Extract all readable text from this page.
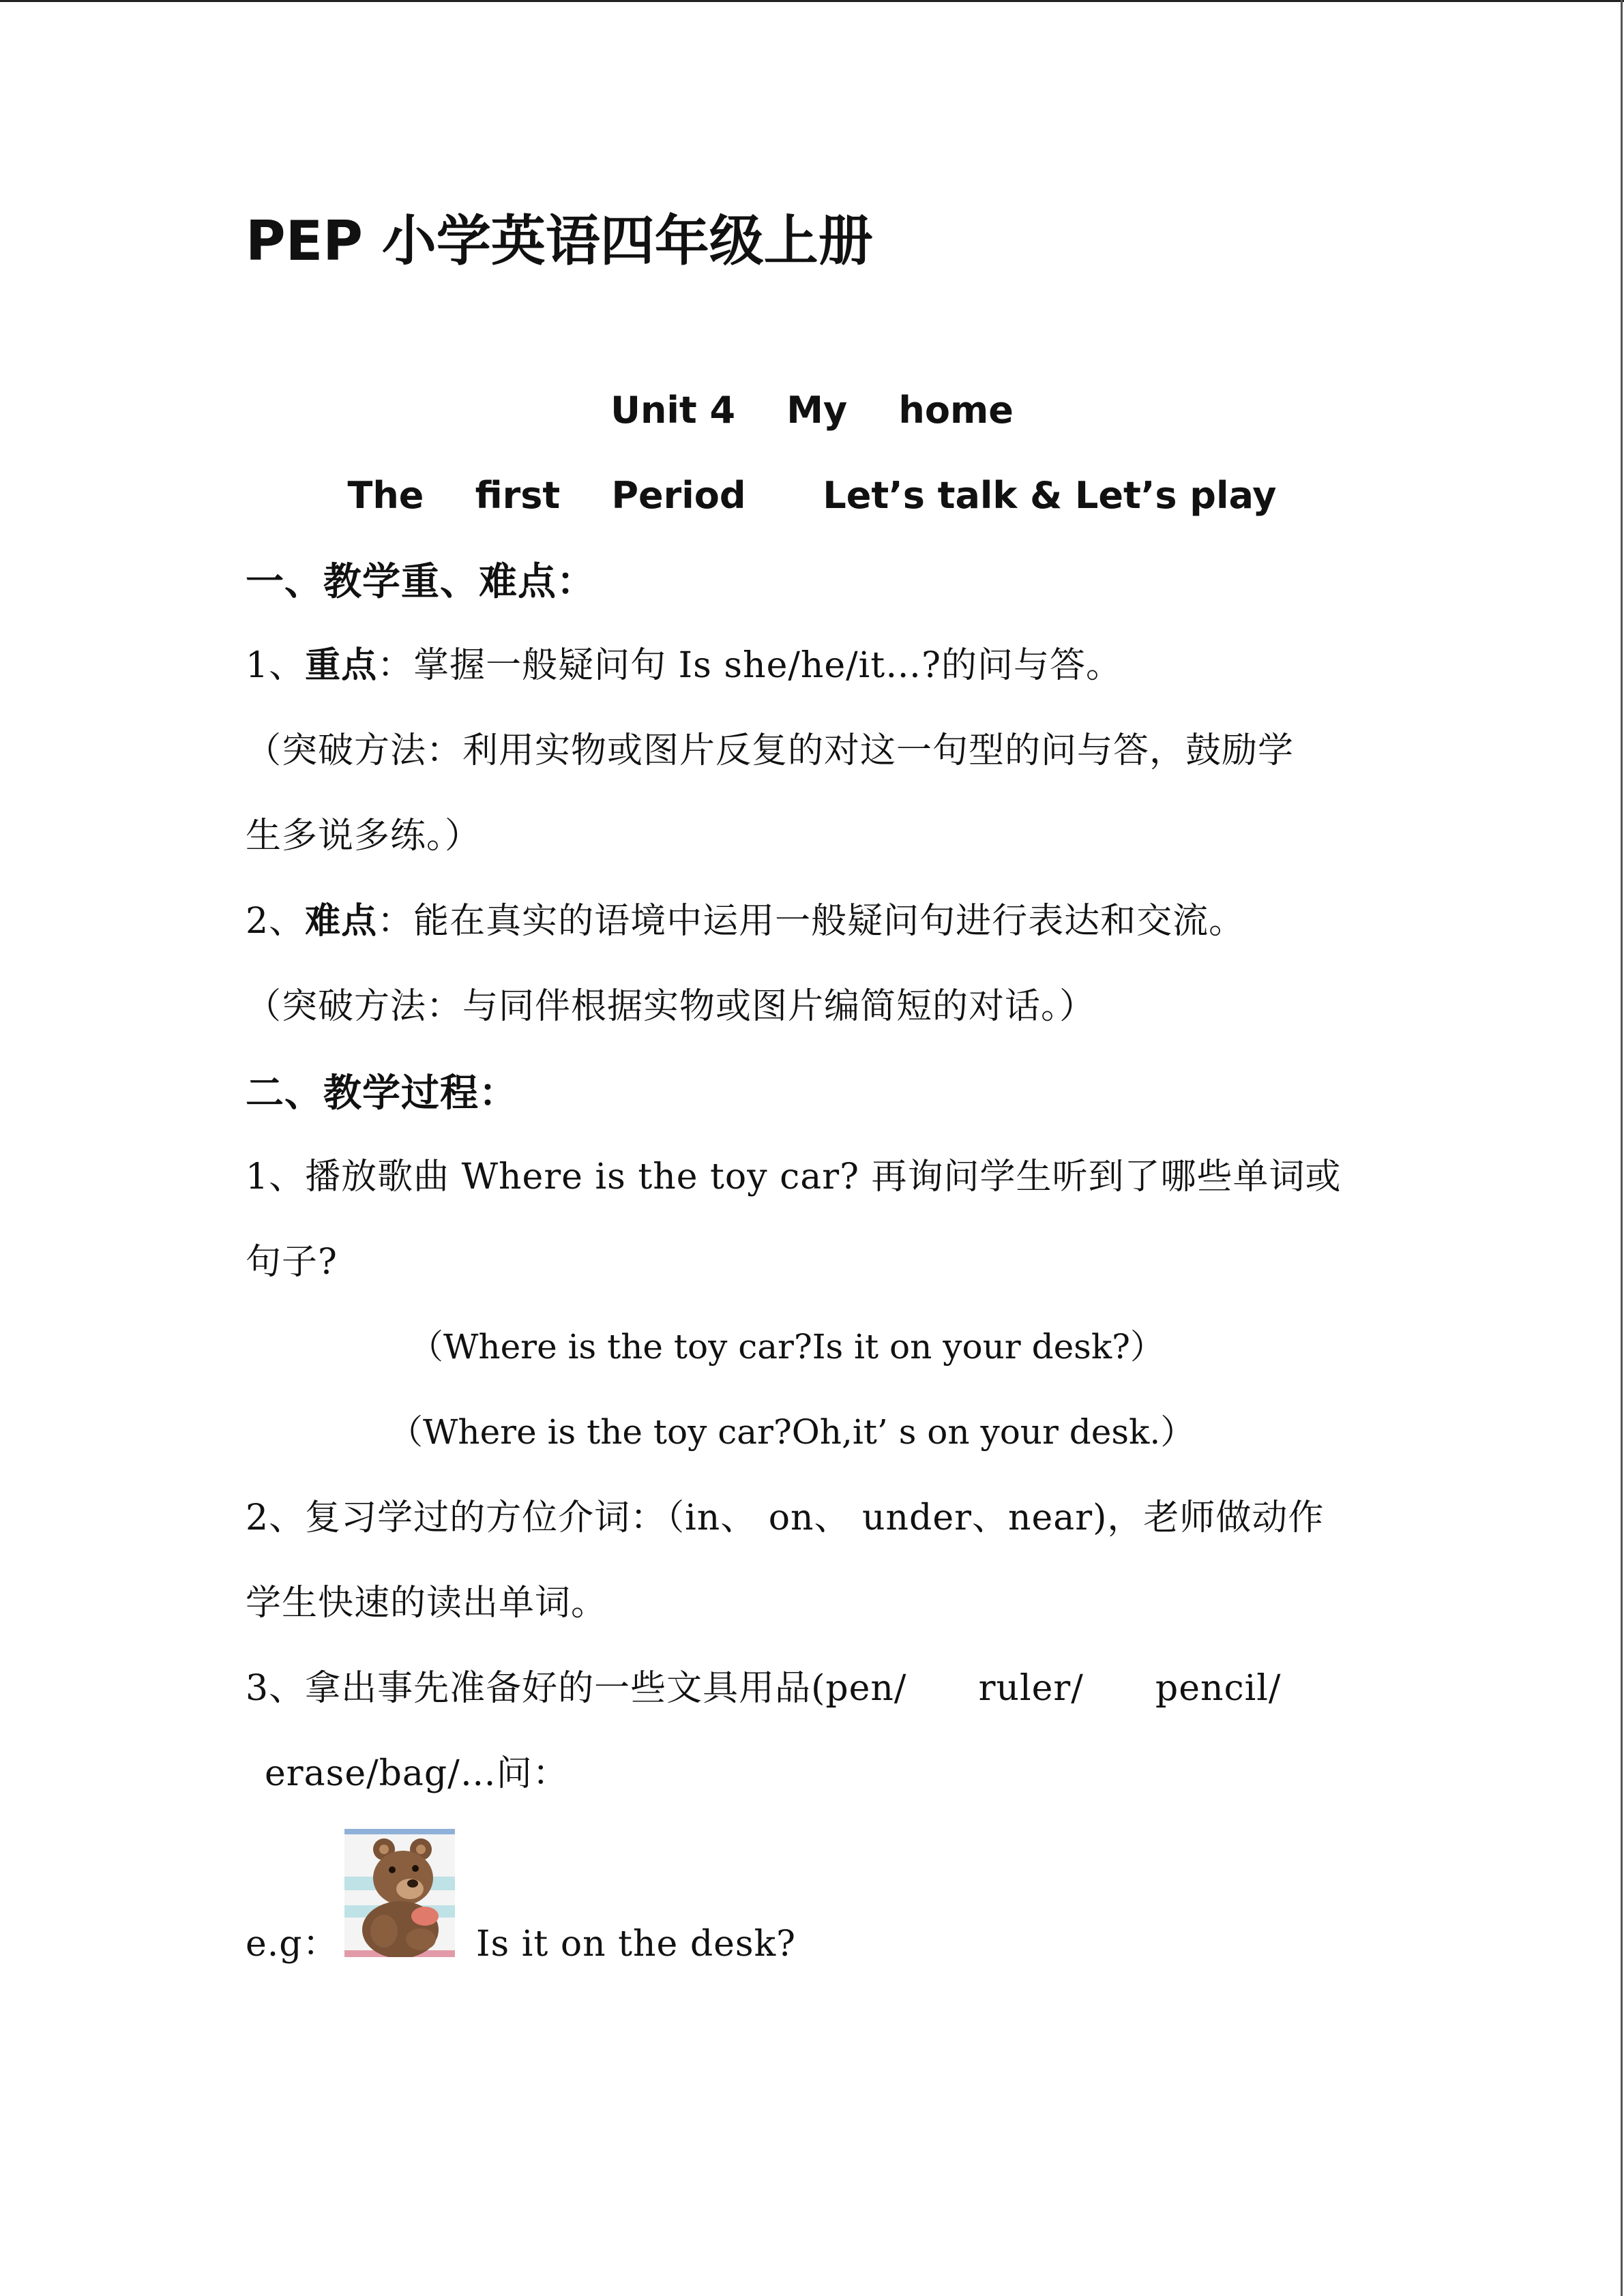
PEP 小学英语四年级上册
Unit 4    My    home
The    first    Period      Let’s talk & Let’s play
一、教学重、难点：
1、重点：掌握一般疑问句 Is she/he/it…?的问与答。
（突破方法：利用实物或图片反复的对这一句型的问与答，鼓励学
生多说多练。）
2、难点：能在真实的语境中运用一般疑问句进行表达和交流。
（突破方法：与同伴根据实物或图片编简短的对话。）
二、教学过程：
1、播放歌曲 Where is the toy car? 再询问学生听到了哪些单词或
句子?
（Where is the toy car?Is it on your desk?）
（Where is the toy car?Oh,it’ s on your desk.）
2、复习学过的方位介词：（in、 on、 under、near)，老师做动作
学生快速的读出单词。
3、拿出事先准备好的一些文具用品(pen/      ruler/      pencil/
erase/bag/…问：
e.g：	Is it on the desk?
